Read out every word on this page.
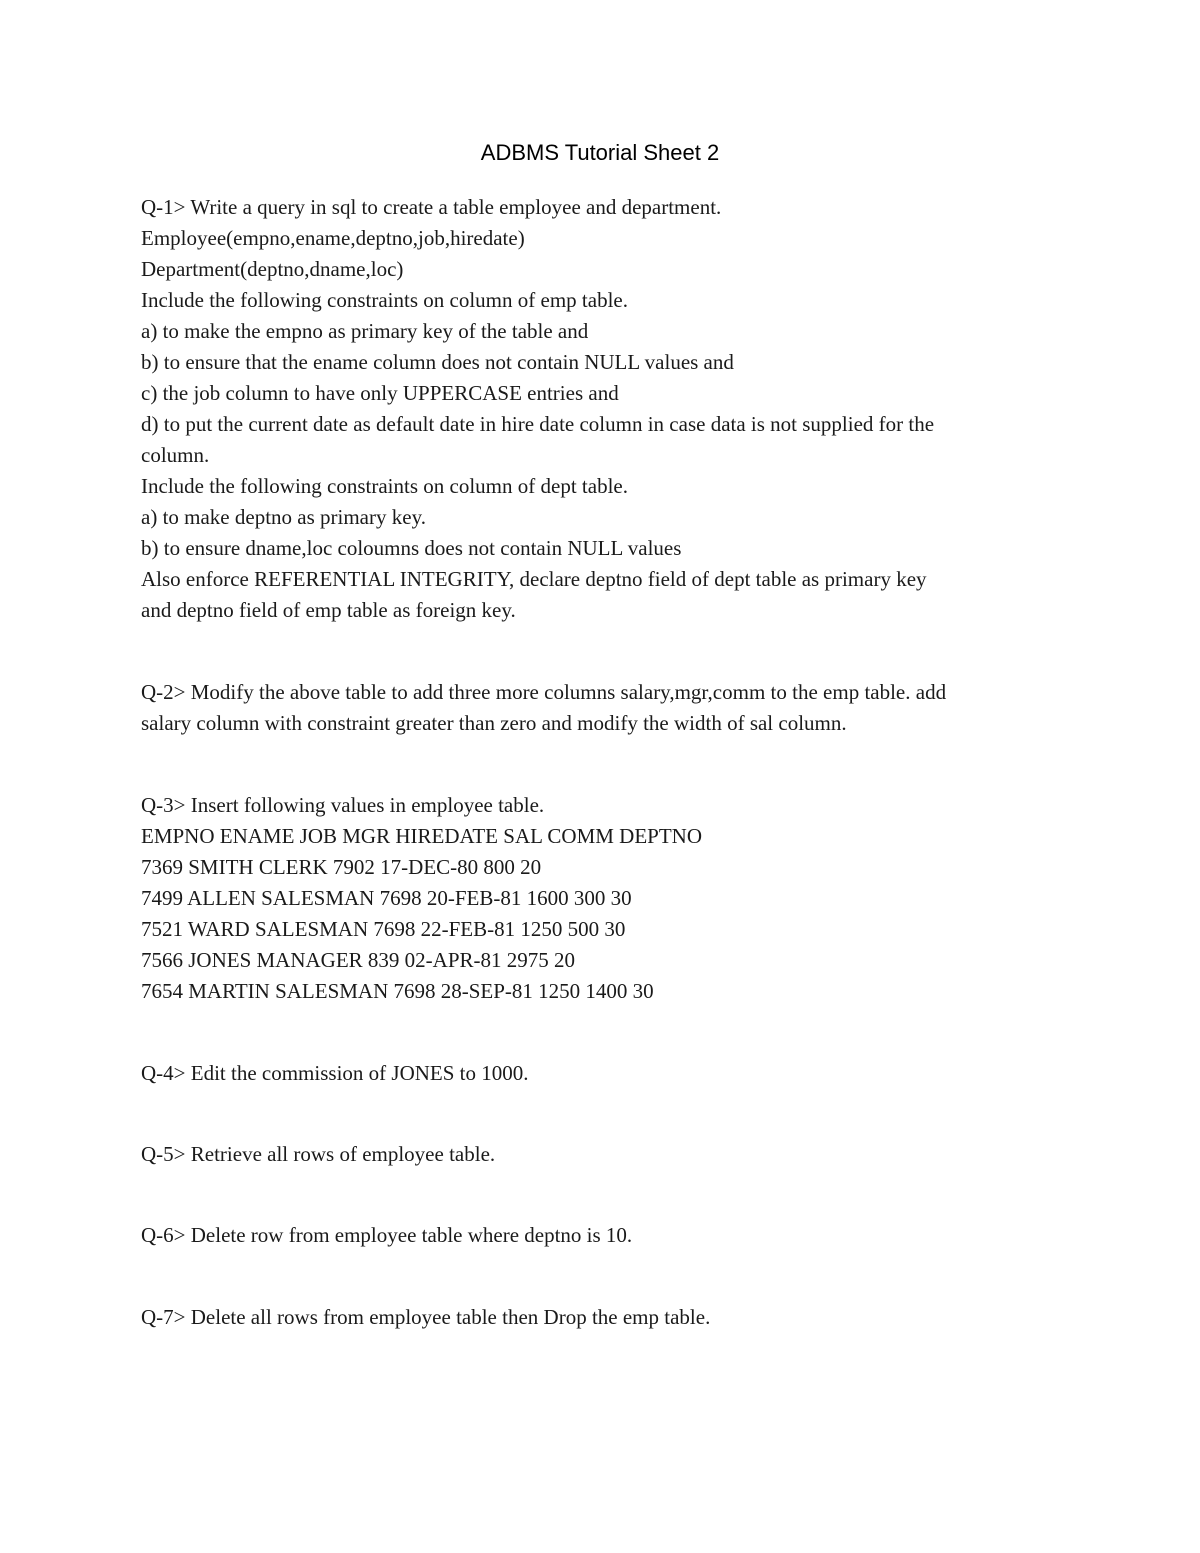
ADBMS Tutorial Sheet 2
Q-1> Write a query in sql to create a table employee and department.
Employee(empno,ename,deptno,job,hiredate)
Department(deptno,dname,loc)
Include the following constraints on column of emp table.
a) to make the empno as primary key of the table and
b) to ensure that the ename column does not contain NULL values and
c) the job column to have only UPPERCASE entries and
d) to put the current date as default date in hire date column in case data is not supplied for the
column.
Include the following constraints on column of dept table.
a) to make deptno as primary key.
b) to ensure dname,loc coloumns does not contain NULL values
Also enforce REFERENTIAL INTEGRITY, declare deptno field of dept table as primary key
and deptno field of emp table as foreign key.
Q-2> Modify the above table to add three more columns salary,mgr,comm to the emp table. add
salary column with constraint greater than zero and modify the width of sal column.
Q-3> Insert following values in employee table.
EMPNO ENAME JOB MGR HIREDATE SAL COMM DEPTNO
7369 SMITH CLERK 7902 17-DEC-80 800 20
7499 ALLEN SALESMAN 7698 20-FEB-81 1600 300 30
7521 WARD SALESMAN 7698 22-FEB-81 1250 500 30
7566 JONES MANAGER 839 02-APR-81 2975 20
7654 MARTIN SALESMAN 7698 28-SEP-81 1250 1400 30
Q-4> Edit the commission of JONES to 1000.
Q-5> Retrieve all rows of employee table.
Q-6> Delete row from employee table where deptno is 10.
Q-7> Delete all rows from employee table then Drop the emp table.
